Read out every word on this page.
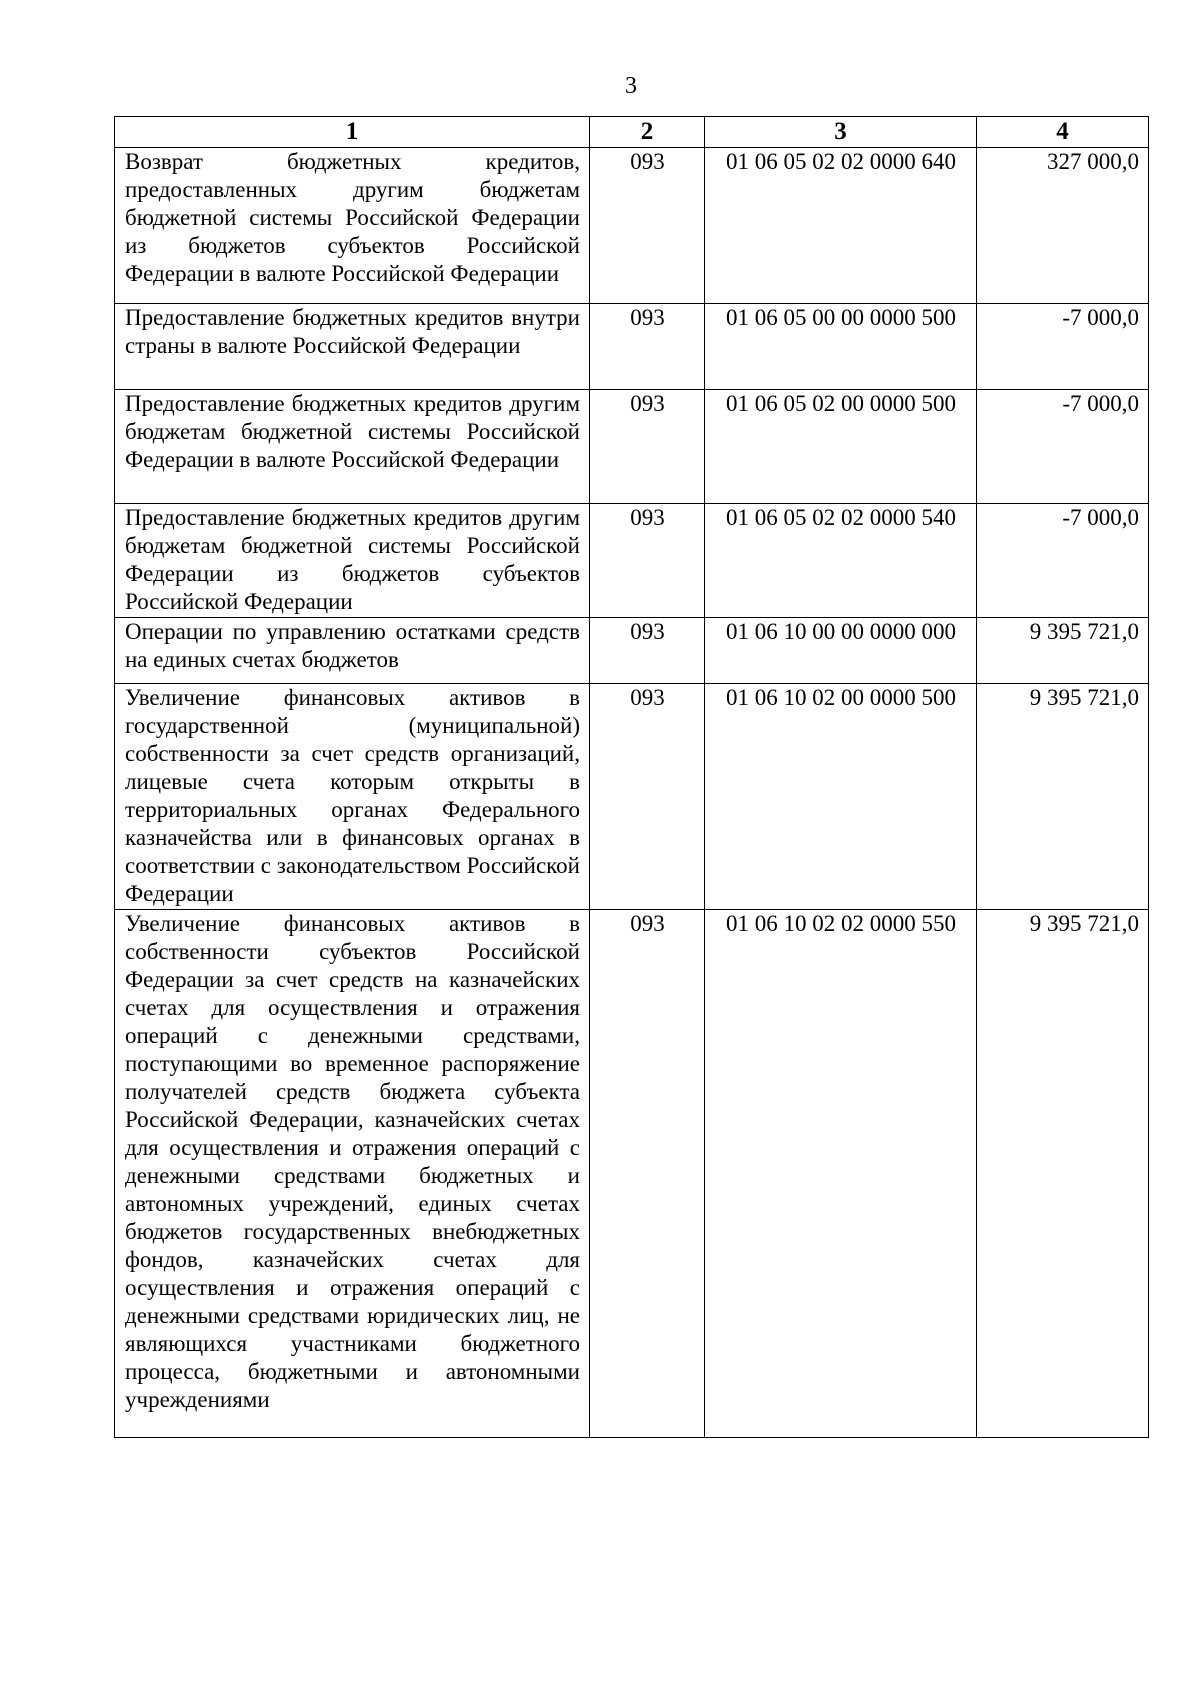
3
1	2	3	4
Возврат бюджетных кредитов, предоставленных другим бюджетам бюджетной системы Российской Федерации из бюджетов субъектов Российской Федерации в валюте Российской Федерации	093	01 06 05 02 02 0000 640	327 000,0
Предоставление бюджетных кредитов внутри страны в валюте Российской Федерации	093	01 06 05 00 00 0000 500	-7 000,0
Предоставление бюджетных кредитов другим бюджетам бюджетной системы Российской Федерации в валюте Российской Федерации	093	01 06 05 02 00 0000 500	-7 000,0
Предоставление бюджетных кредитов другим бюджетам бюджетной системы Российской Федерации из бюджетов субъектов Российской Федерации	093	01 06 05 02 02 0000 540	-7 000,0
Операции по управлению остатками средств на единых счетах бюджетов	093	01 06 10 00 00 0000 000	9 395 721,0
Увеличение финансовых активов в государственной (муниципальной) собственности за счет средств организаций, лицевые счета которым открыты в территориальных органах Федерального казначейства или в финансовых органах в соответствии с законодательством Российской Федерации	093	01 06 10 02 00 0000 500	9 395 721,0
Увеличение финансовых активов в собственности субъектов Российской Федерации за счет средств на казначейских счетах для осуществления и отражения операций с денежными средствами, поступающими во временное распоряжение получателей средств бюджета субъекта Российской Федерации, казначейских счетах для осуществления и отражения операций с денежными средствами бюджетных и автономных учреждений, единых счетах бюджетов государственных внебюджетных фондов, казначейских счетах для осуществления и отражения операций с денежными средствами юридических лиц, не являющихся участниками бюджетного процесса, бюджетными и автономными учреждениями	093	01 06 10 02 02 0000 550	9 395 721,0
